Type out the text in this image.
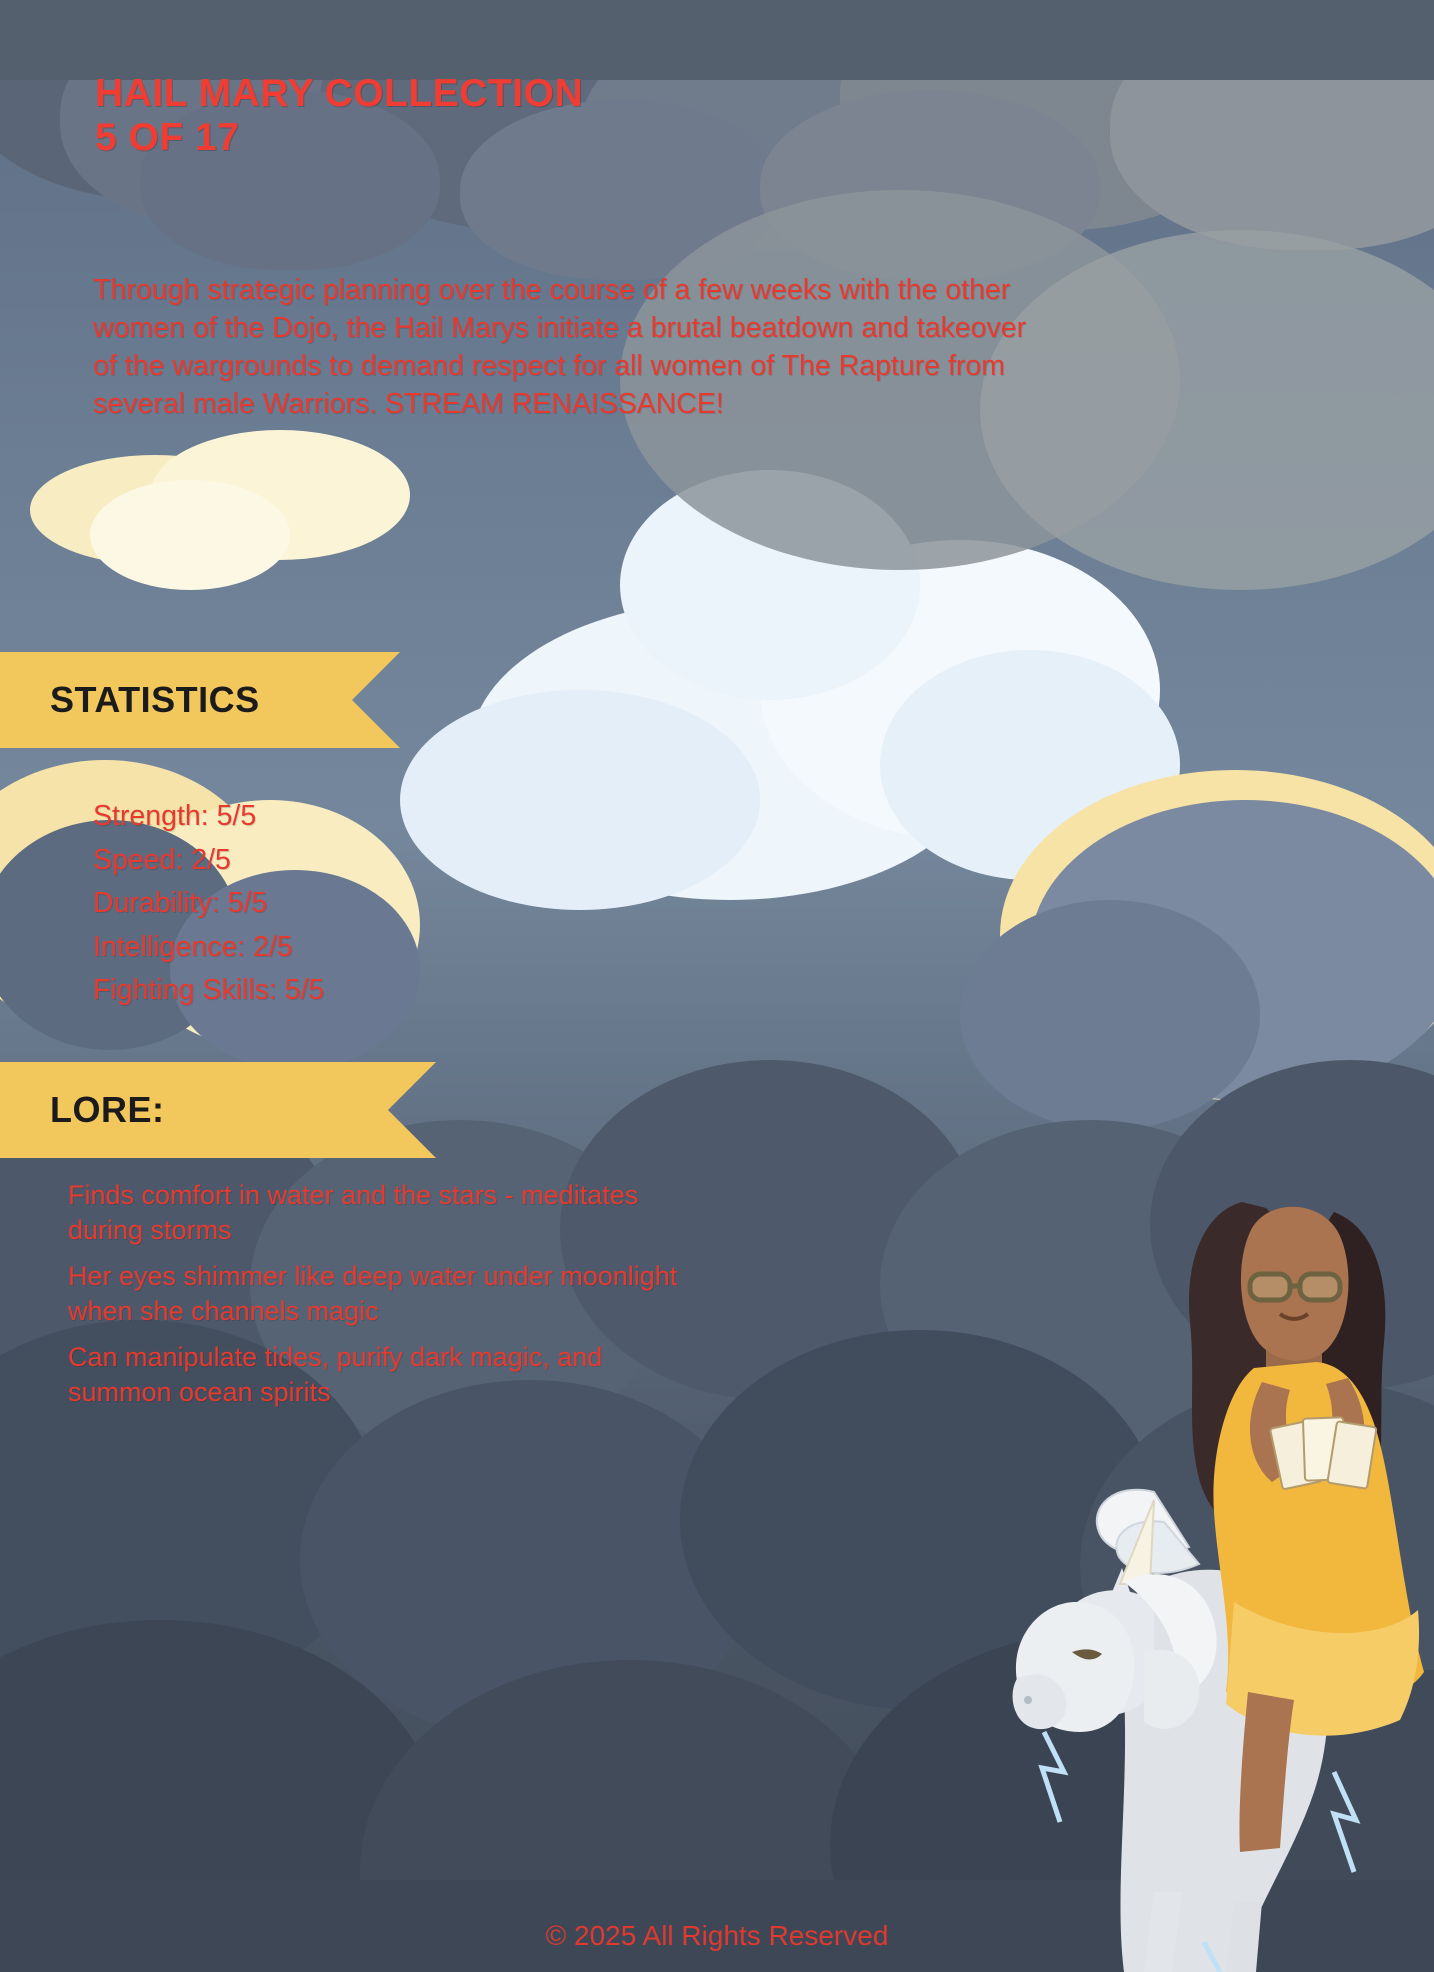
HAIL MARY COLLECTION
5 OF 17
Through strategic planning over the course of a few weeks with the other women of the Dojo, the Hail Marys initiate a brutal beatdown and takeover of the wargrounds to demand respect for all women of The Rapture from several male Warriors. STREAM RENAISSANCE!
STATISTICS
Strength: 5/5
Speed: 2/5
Durability: 5/5
Intelligence: 2/5
Fighting Skills: 5/5
LORE:
Finds comfort in water and the stars - meditates during storms
Her eyes shimmer like deep water under moonlight when she channels magic
Can manipulate tides, purify dark magic, and summon ocean spirits
© 2025 All Rights Reserved
